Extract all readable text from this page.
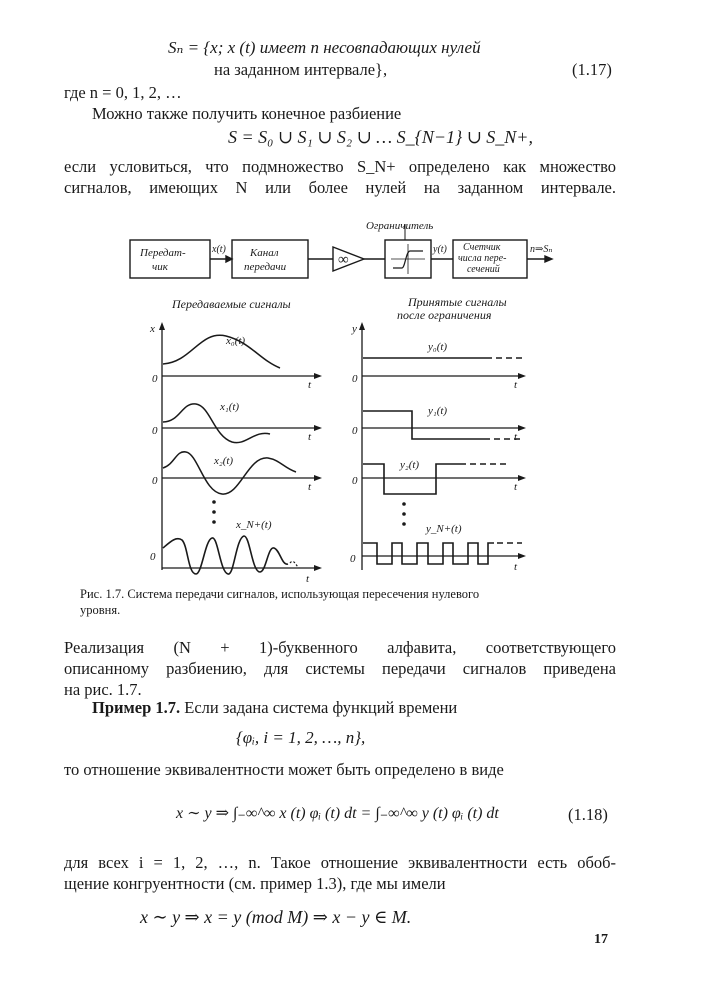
Sₙ = {x; x (t) имеет n несовпадающих нулей
на заданном интервале},	(1.17)
где n = 0, 1, 2, …
Можно также получить конечное разбиение
S = S₀ ∪ S₁ ∪ S₂ ∪ … S_{N−1} ∪ S_N+,
если условиться, что подмножество S_N+ определено как множество
сигналов, имеющих N или более нулей на заданном интервале.
Ограничитель
Передат-
чик
Канал
передачи	∞
Счетчик
числа пере-
сечений
x(t)	y(t)	n⇒Sₙ
Передаваемые сигналы	Принятые сигналы
после ограничения
x	y
0
0
0
0
0
0
0
0
t
t
t
t
t
t
t
t
x₀(t)
x₁(t)
x₂(t)
x_N+(t)
y₀(t)
y₁(t)
y₂(t)
y_N+(t)
Рис. 1.7. Система передачи сигналов, использующая пересечения нулевого
уровня.
Реализация (N + 1)-буквенного алфавита, соответствующего
описанному разбиению, для системы передачи сигналов приведена
на рис. 1.7.
Пример 1.7. Если задана система функций времени
{φᵢ, i = 1, 2, …, n},
то отношение эквивалентности может быть определено в виде
x ∼ y ⇒ ∫₋∞^∞ x (t) φᵢ (t) dt = ∫₋∞^∞ y (t) φᵢ (t) dt	(1.18)
для всех i = 1, 2, …, n. Такое отношение эквивалентности есть обоб-
щение конгруентности (см. пример 1.3), где мы имели
x ∼ y ⇒ x = y (mod M) ⇒ x − y ∈ M.
17
